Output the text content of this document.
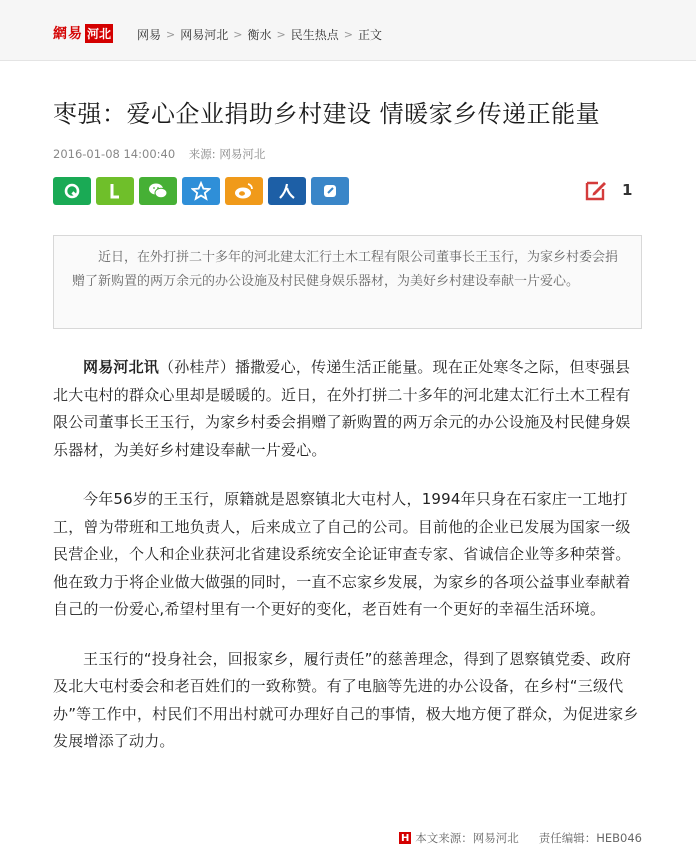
網易 河北 网易 > 网易河北 > 衡水 > 民生热点 > 正文
枣强：爱心企业捐助乡村建设 情暖家乡传递正能量
2016-01-08 14:00:40 来源: 网易河北
1
近日，在外打拼二十多年的河北建太汇行土木工程有限公司董事长王玉行，为家乡村委会捐赠了新购置的两万余元的办公设施及村民健身娱乐器材，为美好乡村建设奉献一片爱心。

网易河北讯（孙桂芹）播撒爱心，传递生活正能量。现在正处寒冬之际，但枣强县北大屯村的群众心里却是暖暖的。近日，在外打拼二十多年的河北建太汇行土木工程有限公司董事长王玉行，为家乡村委会捐赠了新购置的两万余元的办公设施及村民健身娱乐器材，为美好乡村建设奉献一片爱心。

今年56岁的王玉行，原籍就是恩察镇北大屯村人，1994年只身在石家庄一工地打工，曾为带班和工地负责人，后来成立了自己的公司。目前他的企业已发展为国家一级民营企业，个人和企业获河北省建设系统安全论证审查专家、省诚信企业等多种荣誉。他在致力于将企业做大做强的同时，一直不忘家乡发展，为家乡的各项公益事业奉献着自己的一份爱心,希望村里有一个更好的变化，老百姓有一个更好的幸福生活环境。

王玉行的“投身社会，回报家乡，履行责任”的慈善理念，得到了恩察镇党委、政府及北大屯村委会和老百姓们的一致称赞。有了电脑等先进的办公设备，在乡村“三级代办”等工作中，村民们不用出村就可办理好自己的事情，极大地方便了群众，为促进家乡发展增添了动力。

H 本文来源：网易河北 责任编辑：HEB046
